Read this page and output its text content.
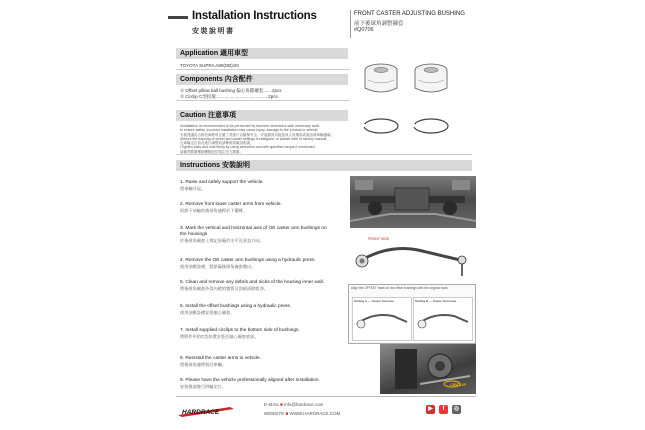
Installation Instructions
安裝說明書
FRONT CASTER ADJUSTING BUSHING
前下後球角調整襯套
#Q0706
Application 適用車型
TOYOTA SUPRA A90(DB)/20
Components 內含配件
① Offset pillow ball bushing 偏心角錐襯套.......2pcs
② Circlip C型扣環..........................................2pcs
Caution 注意事項
•Installation is recommended to be performed by licensed mechanics with necessary tools
to ensure safety, incorrect installation may cause injury, damage to the product or vehicle.
安裝建議由合格技師使用正確工具進行以確保安全，安裝錯誤可能造成人員傷害或產品與車輛損壞。
•Before the tracking of wheel and caster settings is realigned, or please refer to factory manual.
在車輪定位前及進行調整前請參照原廠說明書。
•Tighten bolts and nuts firmly by using wrenches and with specified torque if mentioned.
請確實鎖緊螺絲螺帽並依規定扭力鎖緊。
Instructions 安裝說明
1. Raise and safely support the vehicle.
將車輛升起。
2. Remove front lower caster arms from vehicle.
拆卸下前輪的後球角連桿於下擺臂。
3. Mark the vertical and horizontal axis of OE caster arm bushings on the housings.
於後球角襯套上標記原廠的水平及垂直方向。
4. Remove the OE caster arm bushings using a hydraulic press.
使用油壓設備，將原廠後球角襯套壓出。
5. Clean and remove any debris and nicks of the housing inner wall.
將後球角襯套外殼內壁的雜質及刮痕清除乾淨。
6. Install the offset bushings using a hydraulic press.
使用油壓設備安裝偏心襯套。
7. Install supplied circlips to the bottom side of bushings.
將附件中的C型扣環安裝至偏心襯套底部。
8. Reinstall the caster arms to vehicle.
將後球角連桿裝回車輛。
9. Please have the vehicle professionally aligned after installation.
安裝後請進行四輪定位。
FRONT SIDE
Align the OFFSET mark on the offset bushings with the original mark
Setting A — Caster Increase	Setting B — Caster Decrease
CIRCLIP
HARDRACE
E-MAIL ■ info@hardrace.com
WEBSITE ■ WWW.HARDRACE.COM
▶	f	◎
